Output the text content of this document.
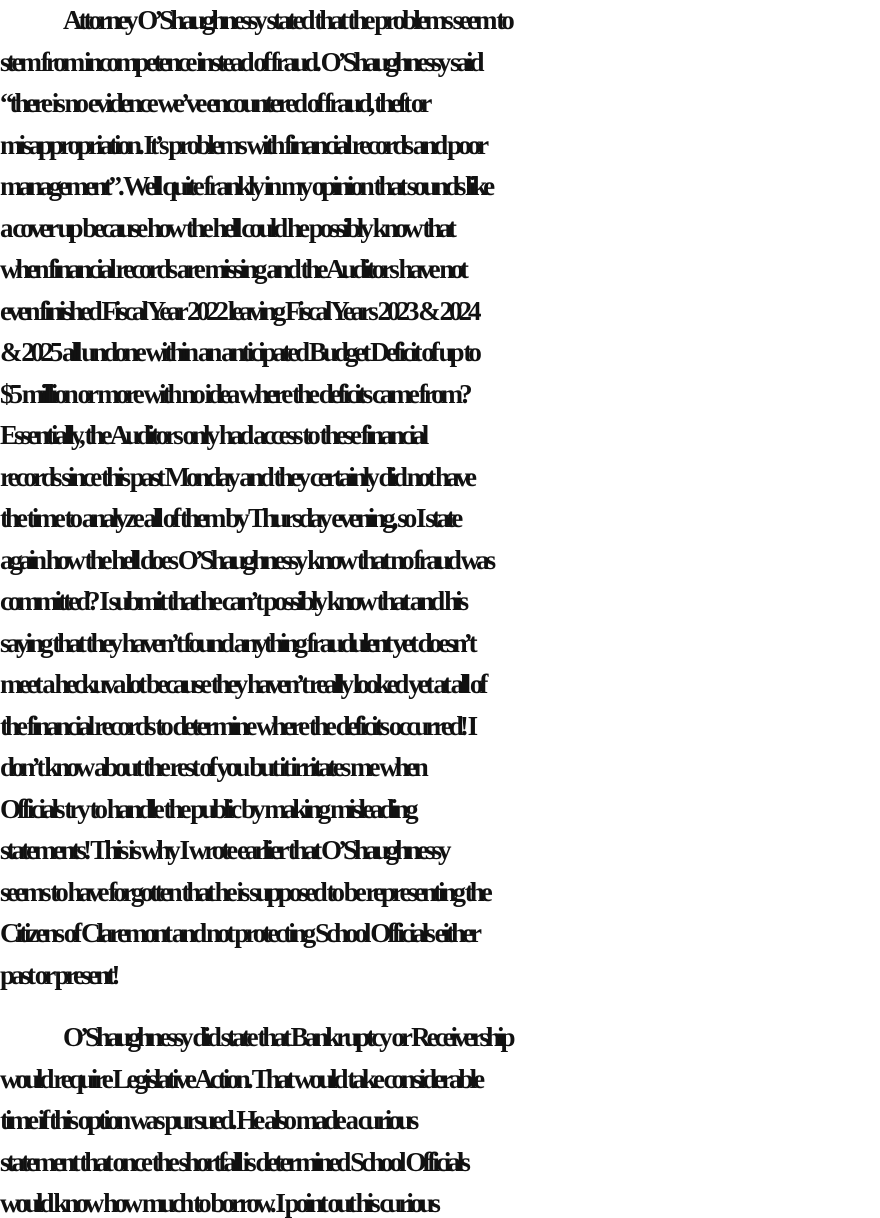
Attorney O’Shaughnessy stated that the problems seem to
stem from incompetence instead of fraud. O’Shaughnessy said
“there is no evidence we’ve encountered of fraud, theft or
misappropriation. It’s problems with financial records and poor
management”. Well quite frankly in my opinion that sounds like
a cover up because how the hell could he possibly know that
when financial records are missing and the Auditors have not
even finished Fiscal Year 2022 leaving Fiscal Years 2023 & 2024
& 2025 all undone within an anticipated Budget Deficit of up to
$5 million or more with no idea where the deficits came from?
Essentially, the Auditors only had access to these financial
records since this past Monday and they certainly did not have
the time to analyze all of them by Thursday evening, so I state
again how the hell does O’Shaughnessy know that no fraud was
committed? I submit that he can’t possibly know that and his
saying that they haven’t found anything fraudulent yet doesn’t
meet a heckuva lot because they haven’t really looked yet at all of
the financial records to determine where the deficits occurred! I
don’t know about the rest of you but it irritates me when
Officials try to handle the public by making misleading
statements! This is why I wrote earlier that O’Shaughnessy
seems to have forgotten that he is supposed to be representing the
Citizens of Claremont and not protecting School Officials either
past or present!
O’Shaughnessy did state that Bankruptcy or Receivership
would require Legislative Action. That would take considerable
time if this option was pursued. He also made a curious
statement that once the shortfall is determined School Officials
would know how much to borrow. I point out his curious
